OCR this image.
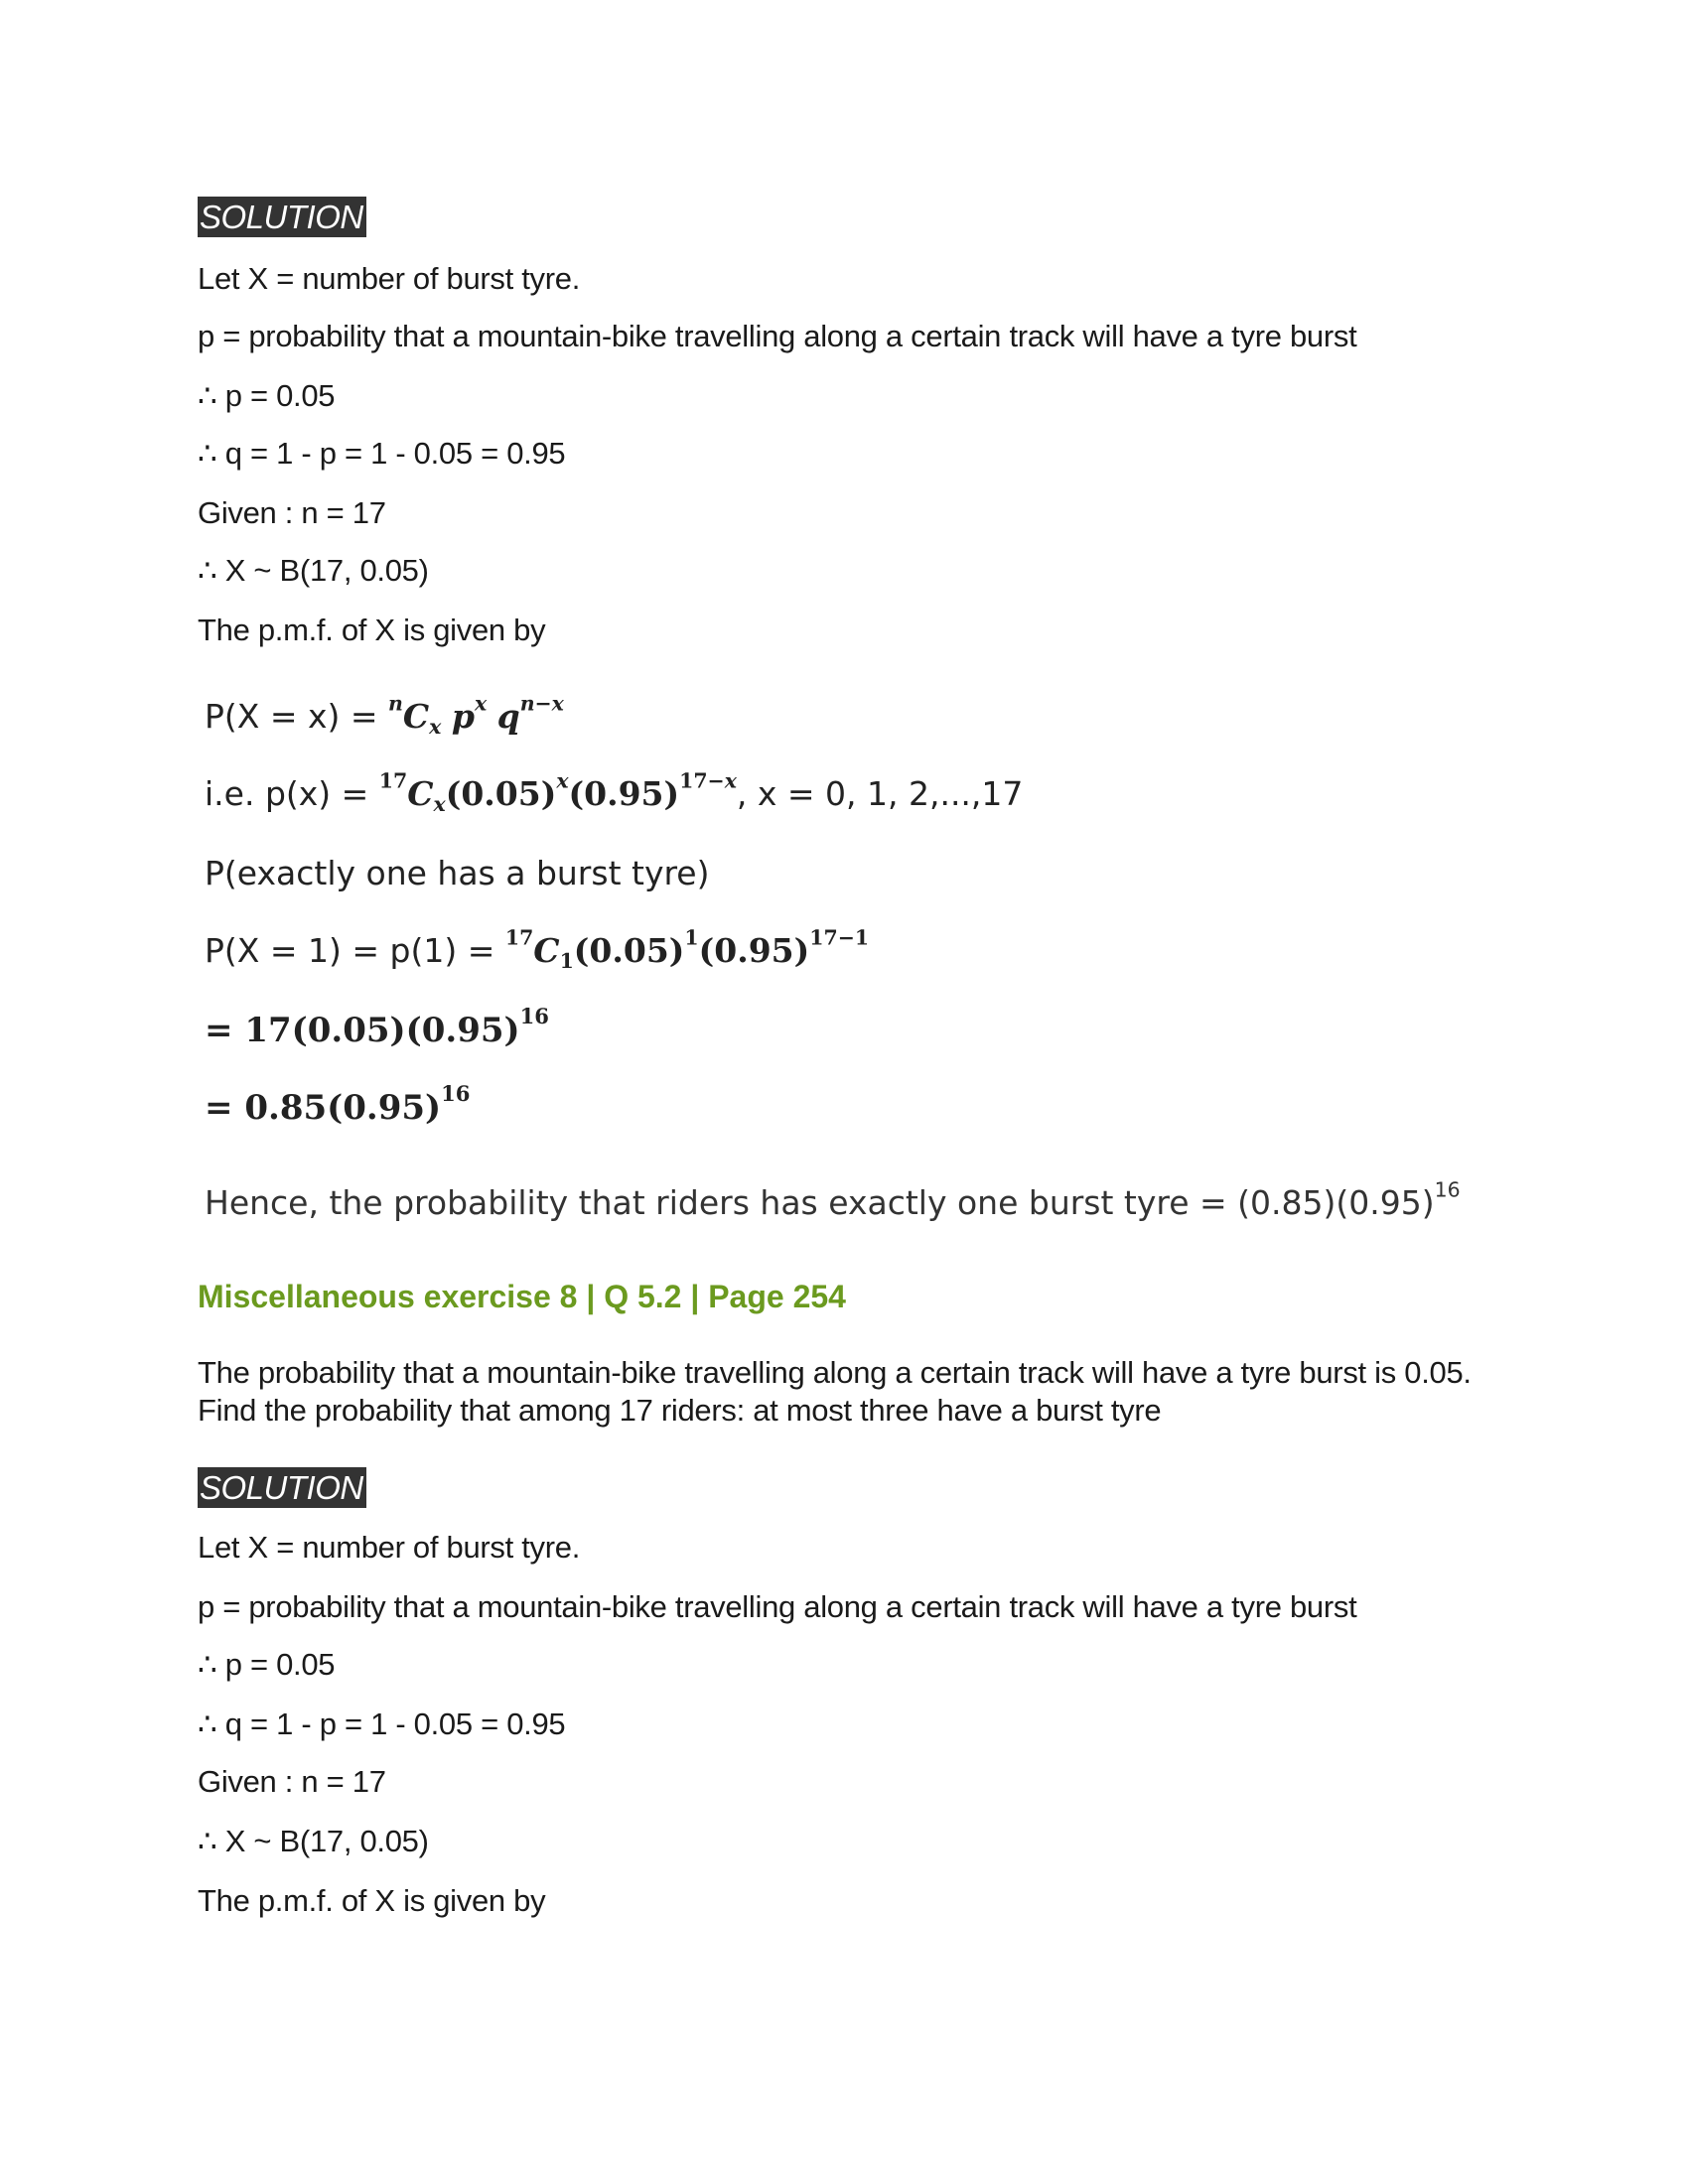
SOLUTION
Let X = number of burst tyre.
p = probability that a mountain-bike travelling along a certain track will have a tyre burst
∴ p = 0.05
∴ q = 1 - p = 1 - 0.05 = 0.95
Given : n = 17
∴ X ~ B(17, 0.05)
The p.m.f. of X is given by
$P(X = x) = ^nC_x$ $p^x$ $q^{n-x}$
i.e. $p(x) = ^{17}C_x(0.05)^x(0.95)^{17-x}$, x = 0, 1, 2,...,17
P(exactly one has a burst tyre)
$P(X = 1) = p(1) = ^{17}C_1(0.05)^1(0.95)^{17-1}$
= $17(0.05)(0.95)^{16}$
= $0.85(0.95)^{16}$
Hence, the probability that riders has exactly one burst tyre = $(0.85)(0.95)^{16}$
Miscellaneous exercise 8 | Q 5.2 | Page 254
The probability that a mountain-bike travelling along a certain track will have a tyre burst is 0.05. Find the probability that among 17 riders: at most three have a burst tyre
SOLUTION
Let X = number of burst tyre.
p = probability that a mountain-bike travelling along a certain track will have a tyre burst
∴ p = 0.05
∴ q = 1 - p = 1 - 0.05 = 0.95
Given : n = 17
∴ X ~ B(17, 0.05)
The p.m.f. of X is given by
